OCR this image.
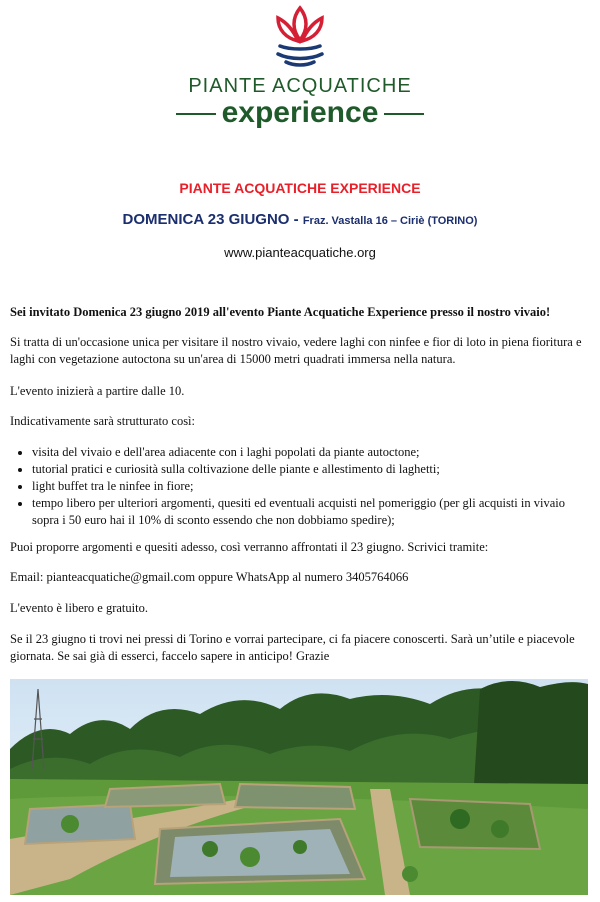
PIANTE ACQUATICHE
experience
PIANTE ACQUATICHE EXPERIENCE
DOMENICA 23 GIUGNO - Fraz. Vastalla 16 – Ciriè (TORINO)
www.pianteacquatiche.org
Sei invitato Domenica 23 giugno 2019 all'evento Piante Acquatiche Experience presso il nostro vivaio!
Si tratta di un'occasione unica per visitare il nostro vivaio, vedere laghi con ninfee e fior di loto in piena fioritura e laghi con vegetazione autoctona su un'area di 15000 metri quadrati immersa nella natura.
L'evento inizierà a partire dalle 10.
Indicativamente sarà strutturato così:
• visita del vivaio e dell'area adiacente con i laghi popolati da piante autoctone;
• tutorial pratici e curiosità sulla coltivazione delle piante e allestimento di laghetti;
• light buffet tra le ninfee in fiore;
• tempo libero per ulteriori argomenti, quesiti ed eventuali acquisti nel pomeriggio (per gli acquisti in vivaio sopra i 50 euro hai il 10% di sconto essendo che non dobbiamo spedire);
Puoi proporre argomenti e quesiti adesso, così verranno affrontati il 23 giugno. Scrivici tramite:
Email: pianteacquatiche@gmail.com oppure WhatsApp al numero 3405764066
L'evento è libero e gratuito.
Se il 23 giugno ti trovi nei pressi di Torino e vorrai partecipare, ci fa piacere conoscerti. Sarà un’utile e piacevole giornata. Se sai già di esserci, faccelo sapere in anticipo! Grazie
